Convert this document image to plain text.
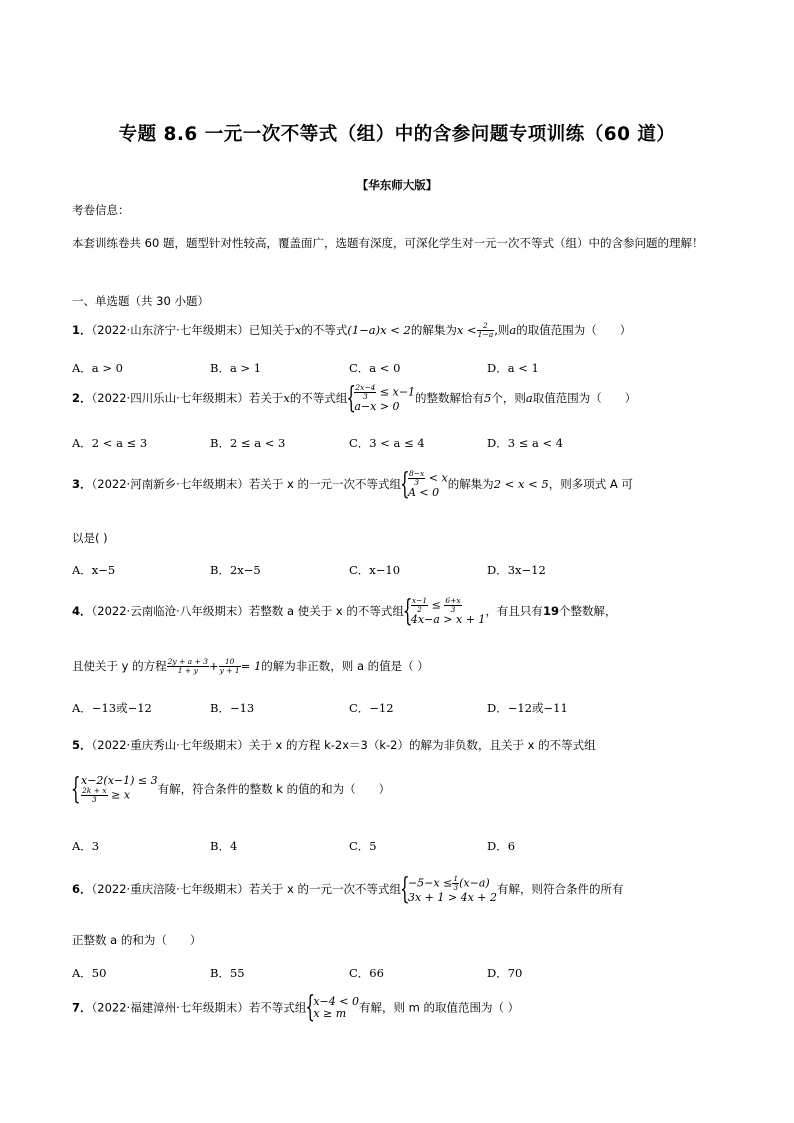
专题 8.6 一元一次不等式（组）中的含参问题专项训练（60 道）
【华东师大版】
考卷信息：
本套训练卷共 60 题，题型针对性较高，覆盖面广，选题有深度，可深化学生对一元一次不等式（组）中的含参问题的理解！
一、单选题（共 30 小题）
1．（2022·山东济宁·七年级期末）已知关于x的不等式(1−a)x < 2的解集为$x < \frac{2}{1-a}$ ,则a的取值范围为（　　）
A．a > 0	B．a > 1	C．a < 0	D．a < 1
2．（2022·四川乐山·七年级期末）若关于x的不等式组 { $\frac{2x-4}{3} \le x-1$
a−x > 0
的整数解恰有5个，则a取值范围为（　　）
A．2 < a ≤ 3	B．2 ≤ a < 3	C．3 < a ≤ 4	D．3 ≤ a < 4
3．（2022·河南新乡·七年级期末）若关于 x 的一元一次不等式组 { $\frac{8-x}{3} < x$
A < 0
的解集为2 < x < 5，则多项式 A 可
以是( )
A．x−5	B．2x−5	C．x−10	D．3x−12
4．（2022·云南临沧·八年级期末）若整数 a 使关于 x 的不等式组 { $\frac{x-1}{2} \le \frac{6+x}{3}$
4x−a > x + 1
，有且只有19个整数解，
且使关于 y 的方程 $\frac{2y + a + 3}{1 + y} + \frac{10}{y + 1} = 1$的解为非正数，则 a 的值是（ ）
A．−13或−12	B．−13	C．−12	D．−12或−11
5．（2022·重庆秀山·七年级期末）关于 x 的方程 k-2x＝3（k-2）的解为非负数，且关于 x 的不等式组
{ x−2(x−1) ≤ 3
$\frac{2k + x}{3} \ge x$	有解，符合条件的整数 k 的值的和为（　　）
A．3	B．4	C．5	D．6
6．（2022·重庆涪陵·七年级期末）若关于 x 的一元一次不等式组 { $-5-x \le \frac{1}{3} (x-a)$
3x + 1 > 4x + 2
有解，则符合条件的所有
正整数 a 的和为（　　）
A．50	B．55	C．66	D．70
7．（2022·福建漳州·七年级期末）若不等式组 { x−4 < 0
x ≥ m	有解，则 m 的取值范围为（ ）
